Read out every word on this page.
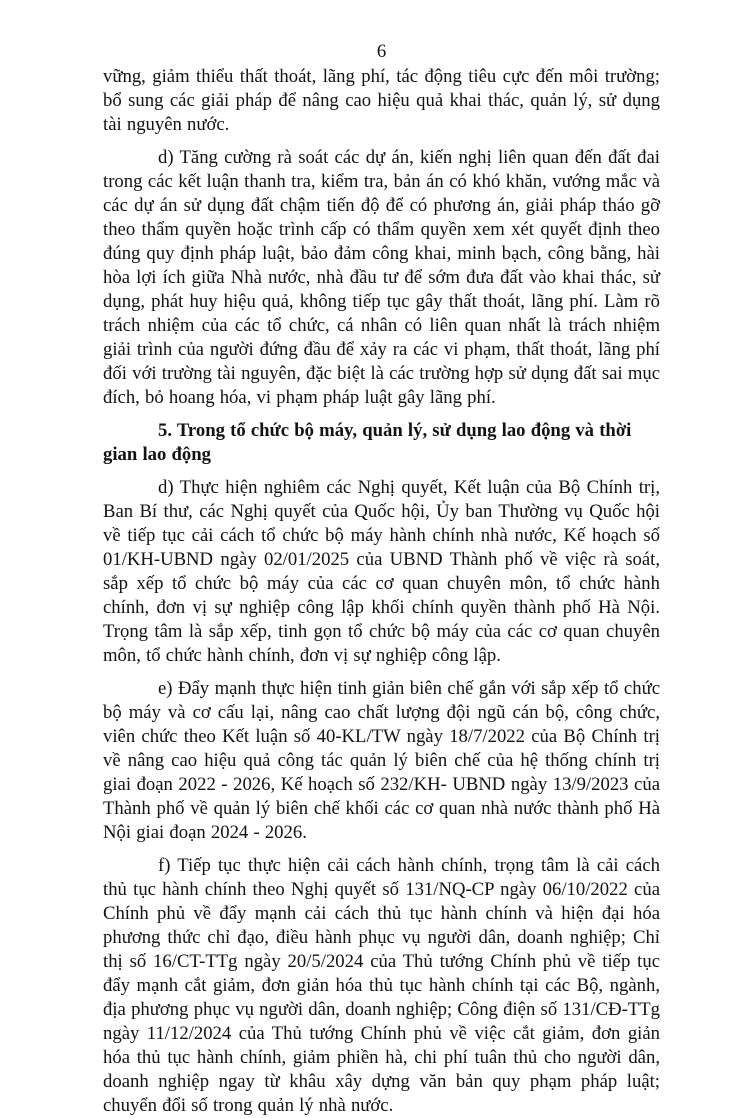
6

vững, giảm thiểu thất thoát, lãng phí, tác động tiêu cực đến môi trường; bổ sung các giải pháp để nâng cao hiệu quả khai thác, quản lý, sử dụng tài nguyên nước.

d) Tăng cường rà soát các dự án, kiến nghị liên quan đến đất đai trong các kết luận thanh tra, kiểm tra, bản án có khó khăn, vướng mắc và các dự án sử dụng đất chậm tiến độ để có phương án, giải pháp tháo gỡ theo thẩm quyền hoặc trình cấp có thẩm quyền xem xét quyết định theo đúng quy định pháp luật, bảo đảm công khai, minh bạch, công bằng, hài hòa lợi ích giữa Nhà nước, nhà đầu tư để sớm đưa đất vào khai thác, sử dụng, phát huy hiệu quả, không tiếp tục gây thất thoát, lãng phí. Làm rõ trách nhiệm của các tổ chức, cá nhân có liên quan nhất là trách nhiệm giải trình của người đứng đầu để xảy ra các vi phạm, thất thoát, lãng phí đối với trường tài nguyên, đặc biệt là các trường hợp sử dụng đất sai mục đích, bỏ hoang hóa, vi phạm pháp luật gây lãng phí.

5. Trong tổ chức bộ máy, quản lý, sử dụng lao động và thời gian lao động

d) Thực hiện nghiêm các Nghị quyết, Kết luận của Bộ Chính trị, Ban Bí thư, các Nghị quyết của Quốc hội, Ủy ban Thường vụ Quốc hội về tiếp tục cải cách tổ chức bộ máy hành chính nhà nước, Kế hoạch số 01/KH-UBND ngày 02/01/2025 của UBND Thành phố về việc rà soát, sắp xếp tổ chức bộ máy của các cơ quan chuyên môn, tổ chức hành chính, đơn vị sự nghiệp công lập khối chính quyền thành phố Hà Nội. Trọng tâm là sắp xếp, tinh gọn tổ chức bộ máy của các cơ quan chuyên môn, tổ chức hành chính, đơn vị sự nghiệp công lập.

e) Đẩy mạnh thực hiện tinh giản biên chế gắn với sắp xếp tổ chức bộ máy và cơ cấu lại, nâng cao chất lượng đội ngũ cán bộ, công chức, viên chức theo Kết luận số 40-KL/TW ngày 18/7/2022 của Bộ Chính trị về nâng cao hiệu quả công tác quản lý biên chế của hệ thống chính trị giai đoạn 2022 - 2026, Kế hoạch số 232/KH- UBND ngày 13/9/2023 của Thành phố về quản lý biên chế khối các cơ quan nhà nước thành phố Hà Nội giai đoạn 2024 - 2026.

f) Tiếp tục thực hiện cải cách hành chính, trọng tâm là cải cách thủ tục hành chính theo Nghị quyết số 131/NQ-CP ngày 06/10/2022 của Chính phủ về đẩy mạnh cải cách thủ tục hành chính và hiện đại hóa phương thức chỉ đạo, điều hành phục vụ người dân, doanh nghiệp; Chỉ thị số 16/CT-TTg ngày 20/5/2024 của Thủ tướng Chính phủ về tiếp tục đẩy mạnh cắt giảm, đơn giản hóa thủ tục hành chính tại các Bộ, ngành, địa phương phục vụ người dân, doanh nghiệp; Công điện số 131/CĐ-TTg ngày 11/12/2024 của Thủ tướng Chính phủ về việc cắt giảm, đơn giản hóa thủ tục hành chính, giảm phiền hà, chi phí tuân thủ cho người dân, doanh nghiệp ngay từ khâu xây dựng văn bản quy phạm pháp luật; chuyển đổi số trong quản lý nhà nước.
